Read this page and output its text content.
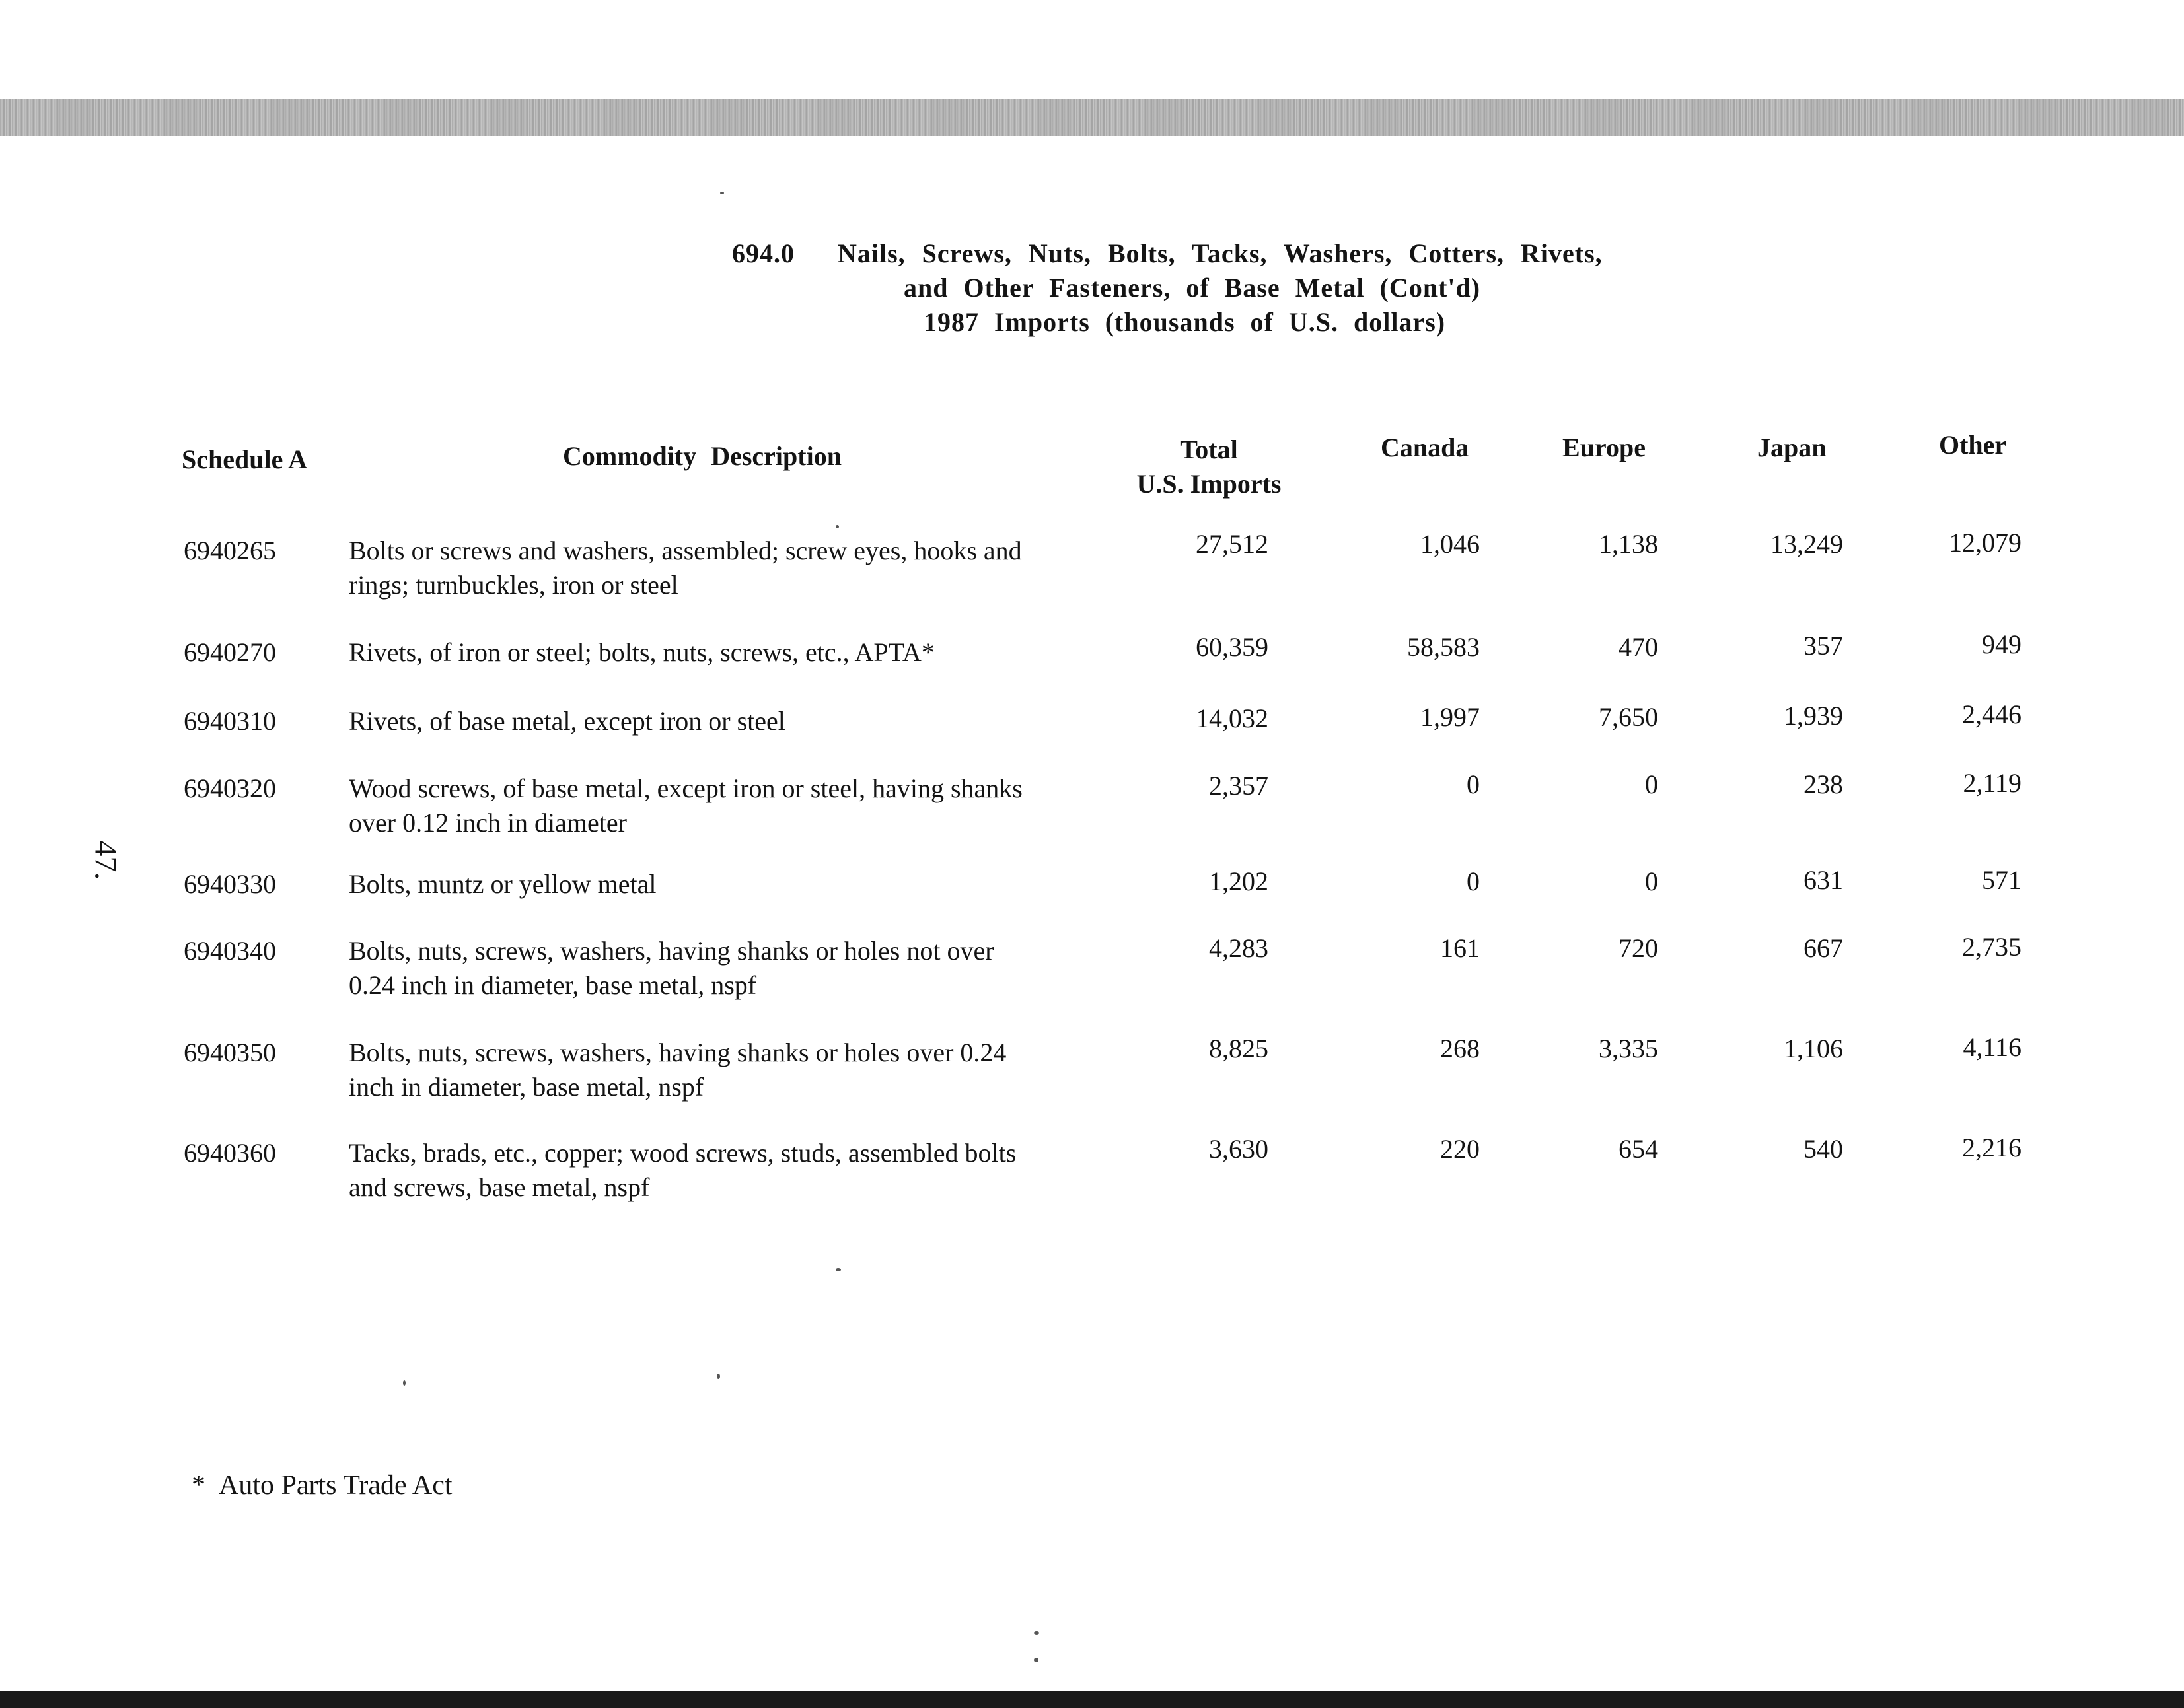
694.0 Nails, Screws, Nuts, Bolts, Tacks, Washers, Cotters, Rivets,
and Other Fasteners, of Base Metal (Cont'd)
1987 Imports (thousands of U.S. dollars)
47.
Schedule A	Commodity Description	Total
U.S. Imports
Canada	Europe	Japan	Other
6940265	Bolts or screws and washers, assembled; screw eyes, hooks and
rings; turnbuckles, iron or steel
27,512	1,046	1,138	13,249	12,079
6940270	Rivets, of iron or steel; bolts, nuts, screws, etc., APTA*	60,359	58,583	470	357	949
6940310	Rivets, of base metal, except iron or steel	14,032	1,997	7,650	1,939	2,446
6940320	Wood screws, of base metal, except iron or steel, having shanks
over 0.12 inch in diameter
2,357	0	0	238	2,119
6940330	Bolts, muntz or yellow metal	1,202	0	0	631	571
6940340	Bolts, nuts, screws, washers, having shanks or holes not over
0.24 inch in diameter, base metal, nspf
4,283	161	720	667	2,735
6940350	Bolts, nuts, screws, washers, having shanks or holes over 0.24
inch in diameter, base metal, nspf
8,825	268	3,335	1,106	4,116
6940360	Tacks, brads, etc., copper; wood screws, studs, assembled bolts
and screws, base metal, nspf
3,630	220	654	540	2,216
* Auto Parts Trade Act
